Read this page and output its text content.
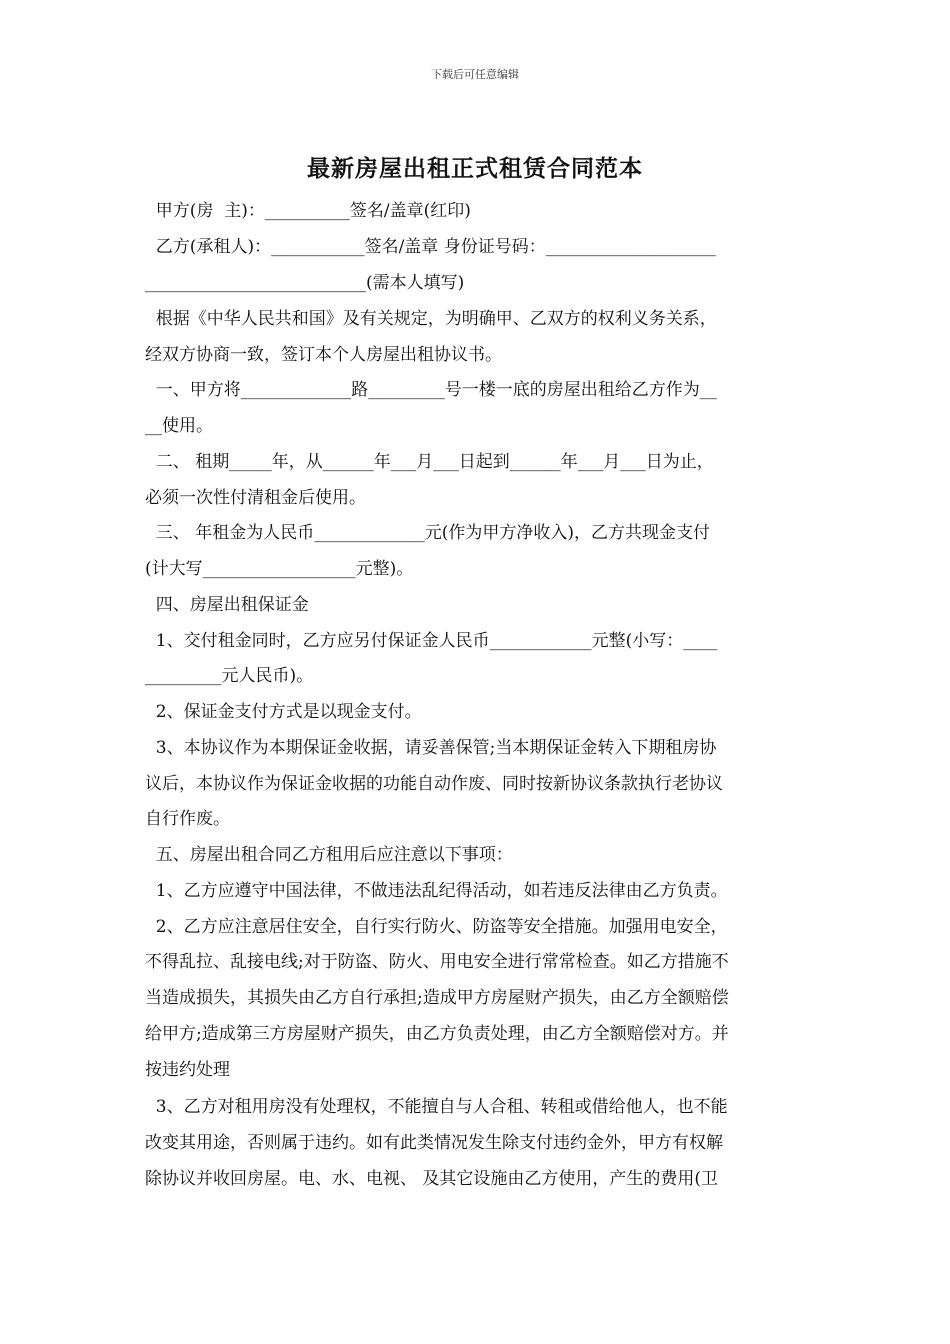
下载后可任意编辑
最新房屋出租正式租赁合同范本
甲方(房  主)：__________签名/盖章(红印)
乙方(承租人)：___________签名/盖章 身份证号码：____________________
__________________________(需本人填写)
根据《中华人民共和国》及有关规定，为明确甲、乙双方的权利义务关系，
经双方协商一致，签订本个人房屋出租协议书。
一、甲方将_____________路_________号一楼一底的房屋出租给乙方作为__
__使用。
二、 租期_____年，从______年___月___日起到______年___月___日为止，
必须一次性付清租金后使用。
三、 年租金为人民币_____________元(作为甲方净收入)，乙方共现金支付
(计大写__________________元整)。
四、房屋出租保证金
1、交付租金同时，乙方应另付保证金人民币____________元整(小写：____
_________元人民币)。
2、保证金支付方式是以现金支付。
3、本协议作为本期保证金收据，请妥善保管;当本期保证金转入下期租房协
议后，本协议作为保证金收据的功能自动作废、同时按新协议条款执行老协议
自行作废。
五、房屋出租合同乙方租用后应注意以下事项：
1、乙方应遵守中国法律，不做违法乱纪得活动，如若违反法律由乙方负责。
2、乙方应注意居住安全，自行实行防火、防盗等安全措施。加强用电安全，
不得乱拉、乱接电线;对于防盗、防火、用电安全进行常常检查。如乙方措施不
当造成损失，其损失由乙方自行承担;造成甲方房屋财产损失，由乙方全额赔偿
给甲方;造成第三方房屋财产损失，由乙方负责处理，由乙方全额赔偿对方。并
按违约处理
3、乙方对租用房没有处理权，不能擅自与人合租、转租或借给他人，也不能
改变其用途，否则属于违约。如有此类情况发生除支付违约金外，甲方有权解
除协议并收回房屋。电、水、电视、 及其它设施由乙方使用，产生的费用(卫
